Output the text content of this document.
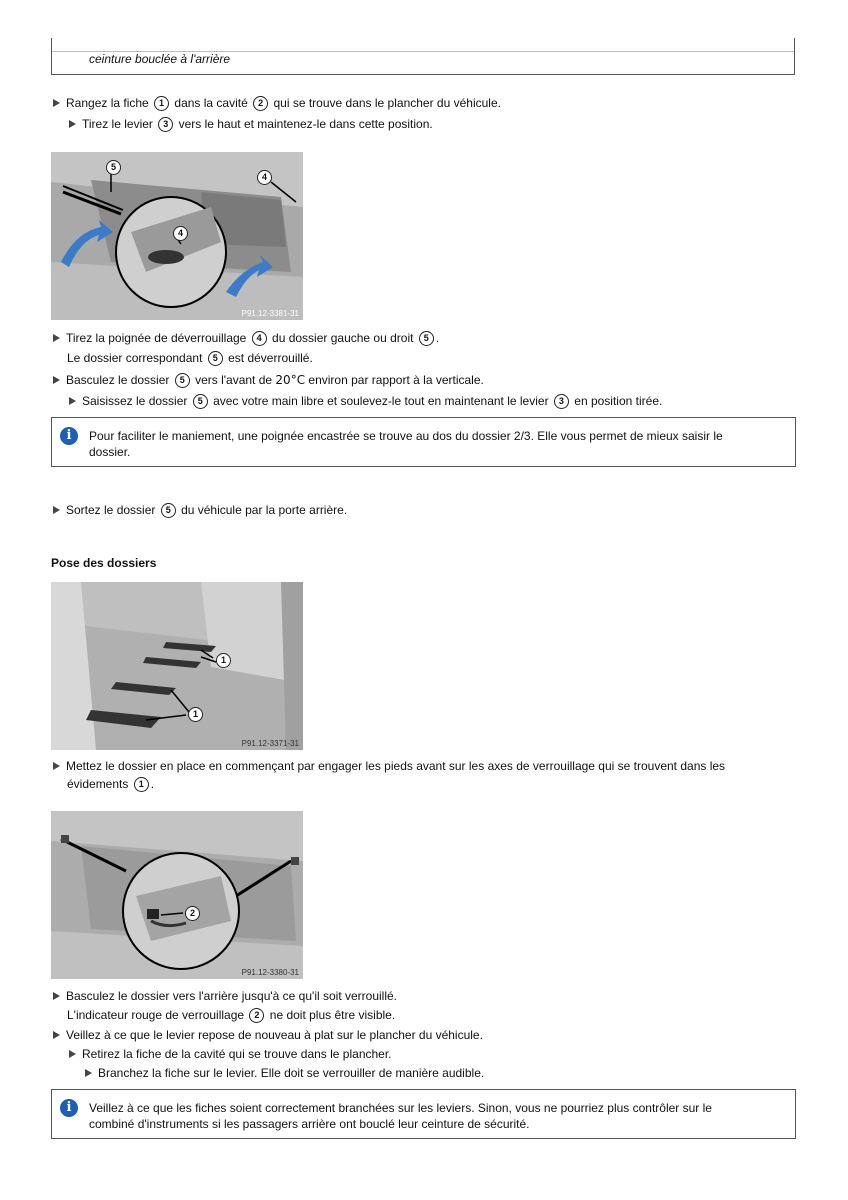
ceinture bouclée à l'arrière
Rangez la fiche 1 dans la cavité 2 qui se trouve dans le plancher du véhicule.
Tirez le levier 3 vers le haut et maintenez-le dans cette position.
5
4
4
P91.12-3381-31
Tirez la poignée de déverrouillage 4 du dossier gauche ou droit 5 .
Le dossier correspondant 5 est déverrouillé.
Basculez le dossier 5 vers l'avant de 20°C environ par rapport à la verticale.
Saisissez le dossier 5 avec votre main libre et soulevez-le tout en maintenant le levier 3 en position tirée.
i	Pour faciliter le maniement, une poignée encastrée se trouve au dos du dossier 2/3. Elle vous permet de mieux saisir le
dossier.
Sortez le dossier 5 du véhicule par la porte arrière.
Pose des dossiers
1
1
P91.12-3371-31
Mettez le dossier en place en commençant par engager les pieds avant sur les axes de verrouillage qui se trouvent dans les
évidements 1 .
2
P91.12-3380-31
Basculez le dossier vers l'arrière jusqu'à ce qu'il soit verrouillé.
L'indicateur rouge de verrouillage 2 ne doit plus être visible.
Veillez à ce que le levier repose de nouveau à plat sur le plancher du véhicule.
Retirez la fiche de la cavité qui se trouve dans le plancher.
Branchez la fiche sur le levier. Elle doit se verrouiller de manière audible.
i	Veillez à ce que les fiches soient correctement branchées sur les leviers. Sinon, vous ne pourriez plus contrôler sur le
combiné d'instruments si les passagers arrière ont bouclé leur ceinture de sécurité.
